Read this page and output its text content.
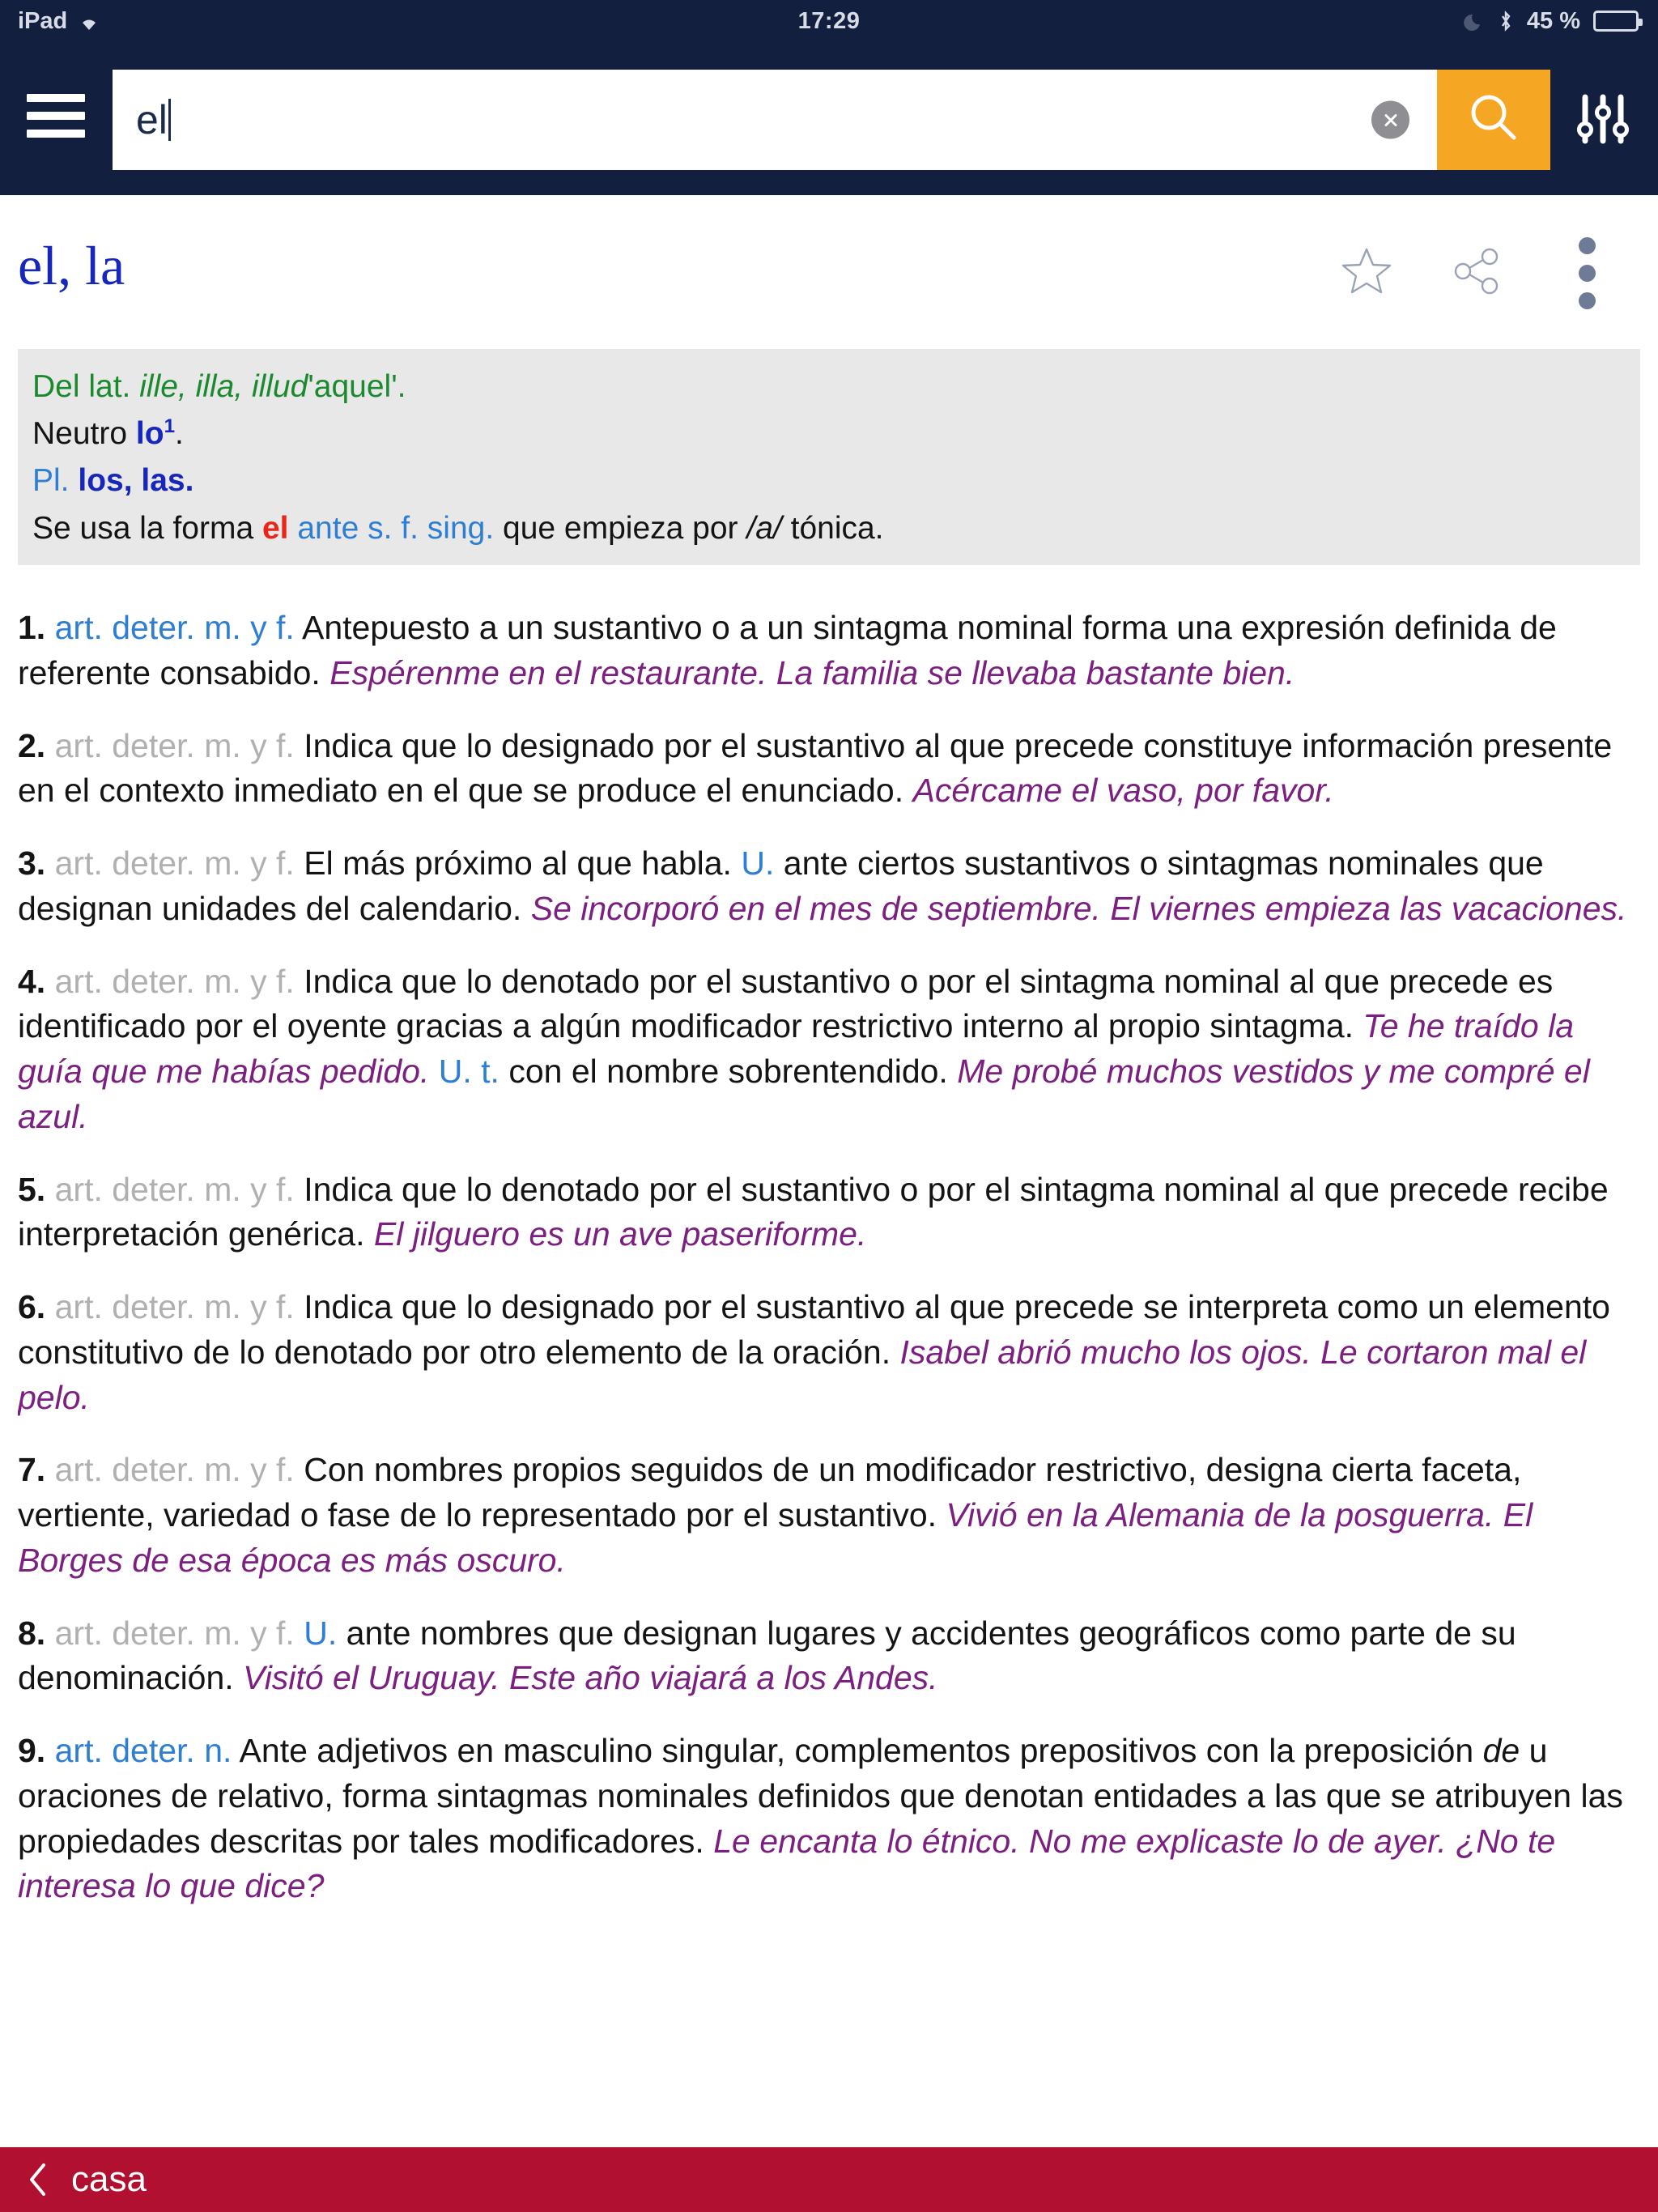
iPad	17:29	45 %
el
el, la
Del lat. ille, illa, illud'aquel'.
Neutro $lo^1$.
Pl. los, las.
Se usa la forma el ante s. f. sing. que empieza por /a/ tónica.
1. art. deter. m. y f. Antepuesto a un sustantivo o a un sintagma nominal forma una expresión definida de referente consabido. Espérenme en el restaurante. La familia se llevaba bastante bien.
2. art. deter. m. y f. Indica que lo designado por el sustantivo al que precede constituye información presente en el contexto inmediato en el que se produce el enunciado. Acércame el vaso, por favor.
3. art. deter. m. y f. El más próximo al que habla. U. ante ciertos sustantivos o sintagmas nominales que designan unidades del calendario. Se incorporó en el mes de septiembre. El viernes empieza las vacaciones.
4. art. deter. m. y f. Indica que lo denotado por el sustantivo o por el sintagma nominal al que precede es identificado por el oyente gracias a algún modificador restrictivo interno al propio sintagma. Te he traído la guía que me habías pedido. U. t. con el nombre sobrentendido. Me probé muchos vestidos y me compré el azul.
5. art. deter. m. y f. Indica que lo denotado por el sustantivo o por el sintagma nominal al que precede recibe interpretación genérica. El jilguero es un ave paseriforme.
6. art. deter. m. y f. Indica que lo designado por el sustantivo al que precede se interpreta como un elemento constitutivo de lo denotado por otro elemento de la oración. Isabel abrió mucho los ojos. Le cortaron mal el pelo.
7. art. deter. m. y f. Con nombres propios seguidos de un modificador restrictivo, designa cierta faceta, vertiente, variedad o fase de lo representado por el sustantivo. Vivió en la Alemania de la posguerra. El Borges de esa época es más oscuro.
8. art. deter. m. y f. U. ante nombres que designan lugares y accidentes geográficos como parte de su denominación. Visitó el Uruguay. Este año viajará a los Andes.
9. art. deter. n. Ante adjetivos en masculino singular, complementos prepositivos con la preposición de u oraciones de relativo, forma sintagmas nominales definidos que denotan entidades a las que se atribuyen las propiedades descritas por tales modificadores. Le encanta lo étnico. No me explicaste lo de ayer. ¿No te interesa lo que dice?
casa
